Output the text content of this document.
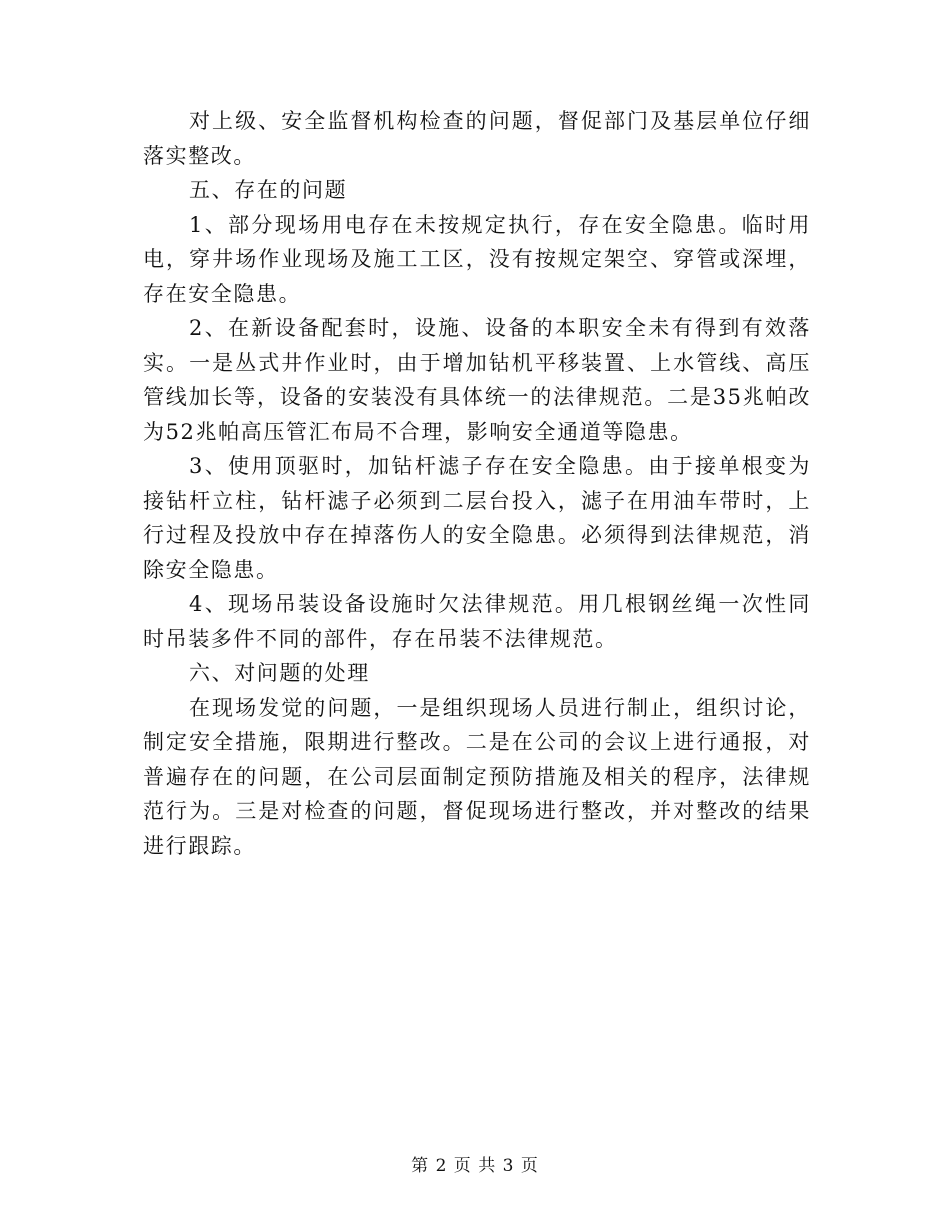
对上级、安全监督机构检查的问题，督促部门及基层单位仔细落实整改。

五、存在的问题

1、部分现场用电存在未按规定执行，存在安全隐患。临时用电，穿井场作业现场及施工工区，没有按规定架空、穿管或深埋，存在安全隐患。

2、在新设备配套时，设施、设备的本职安全未有得到有效落实。一是丛式井作业时，由于增加钻机平移装置、上水管线、高压管线加长等，设备的安装没有具体统一的法律规范。二是35兆帕改为52兆帕高压管汇布局不合理，影响安全通道等隐患。

3、使用顶驱时，加钻杆滤子存在安全隐患。由于接单根变为接钻杆立柱，钻杆滤子必须到二层台投入，滤子在用油车带时，上行过程及投放中存在掉落伤人的安全隐患。必须得到法律规范，消除安全隐患。

4、现场吊装设备设施时欠法律规范。用几根钢丝绳一次性同时吊装多件不同的部件，存在吊装不法律规范。

六、对问题的处理

在现场发觉的问题，一是组织现场人员进行制止，组织讨论，制定安全措施，限期进行整改。二是在公司的会议上进行通报，对普遍存在的问题，在公司层面制定预防措施及相关的程序，法律规范行为。三是对检查的问题，督促现场进行整改，并对整改的结果进行跟踪。

第 2 页 共 3 页
